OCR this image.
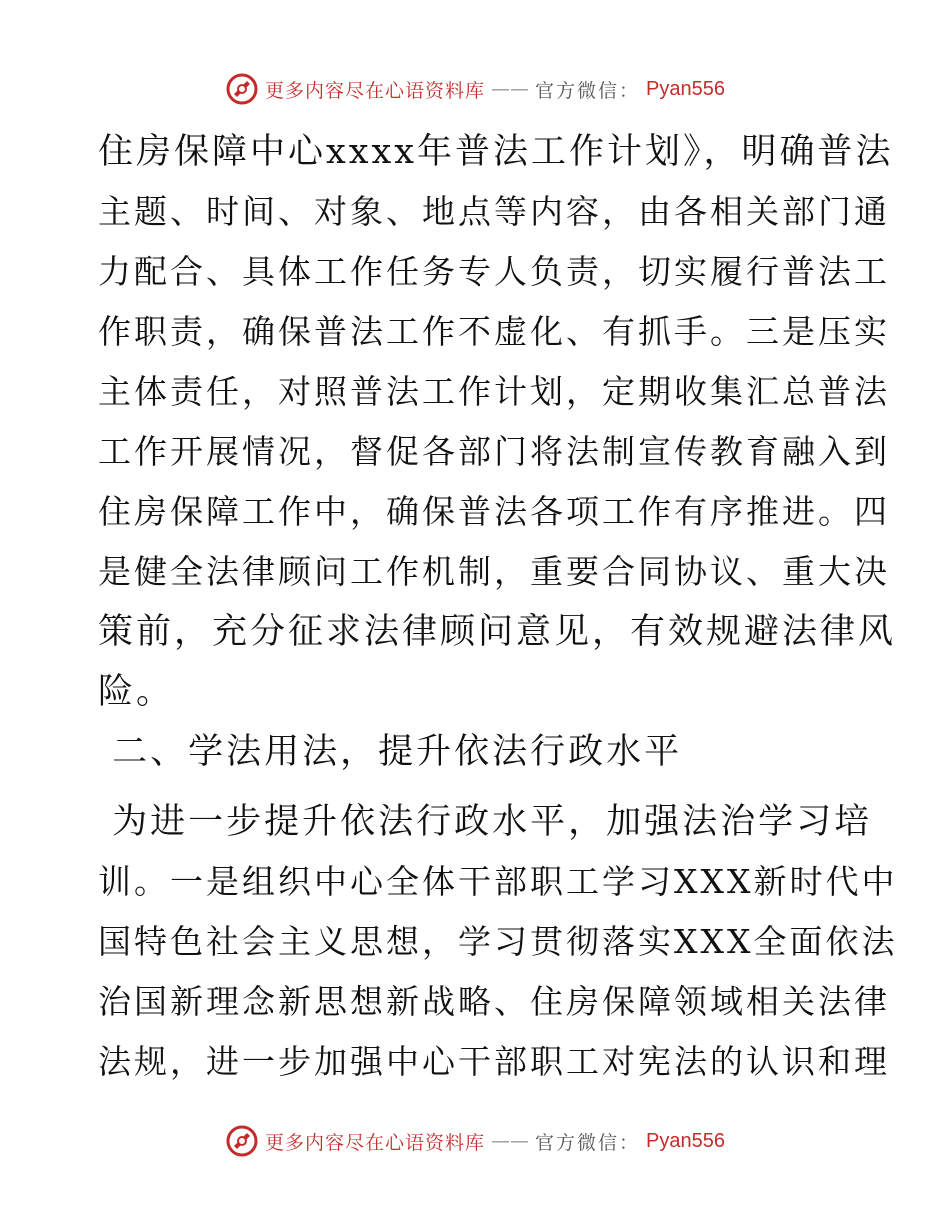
更多内容尽在心语资料库 —— 官方微信： Pyan556
住房保障中心xxxx年普法工作计划》，明确普法
主题、时间、对象、地点等内容，由各相关部门通
力配合、具体工作任务专人负责，切实履行普法工
作职责，确保普法工作不虚化、有抓手。三是压实
主体责任，对照普法工作计划，定期收集汇总普法
工作开展情况，督促各部门将法制宣传教育融入到
住房保障工作中，确保普法各项工作有序推进。四
是健全法律顾问工作机制，重要合同协议、重大决
策前，充分征求法律顾问意见，有效规避法律风
险。
二、学法用法，提升依法行政水平
为进一步提升依法行政水平，加强法治学习培
训。一是组织中心全体干部职工学习XXX新时代中
国特色社会主义思想，学习贯彻落实XXX全面依法
治国新理念新思想新战略、住房保障领域相关法律
法规，进一步加强中心干部职工对宪法的认识和理
更多内容尽在心语资料库 —— 官方微信： Pyan556
